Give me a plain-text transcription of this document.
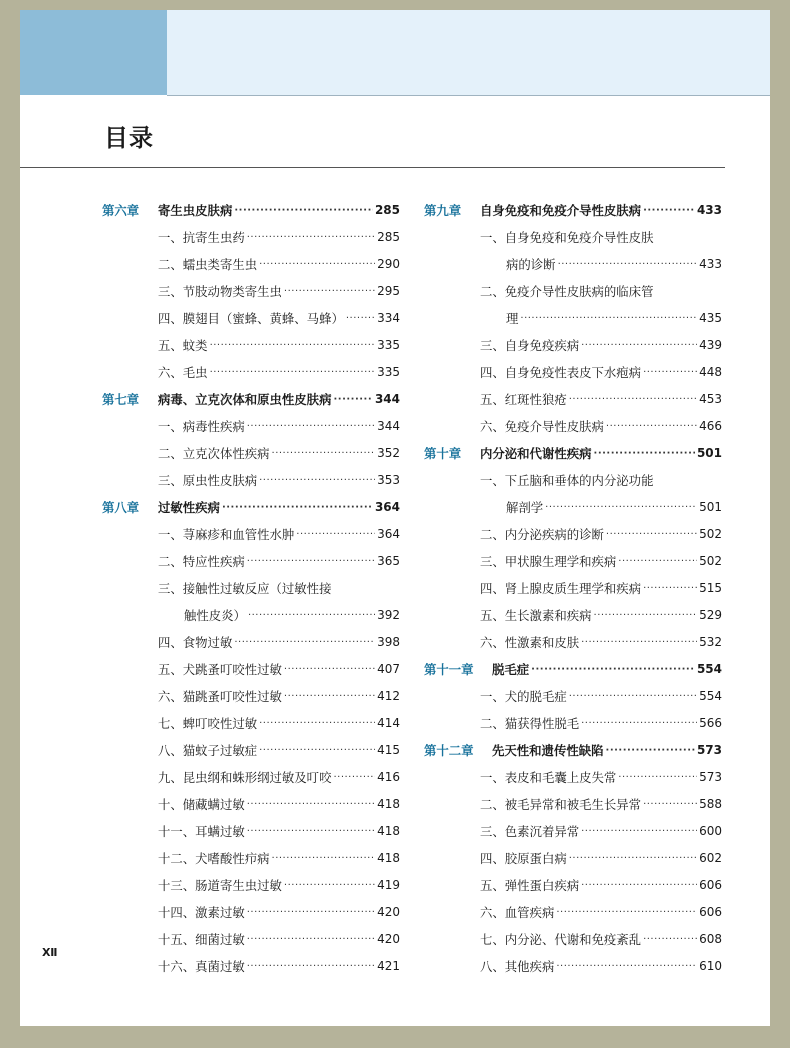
目录
第六章 寄生虫皮肤病 ·····	285
一、抗寄生虫药 ·····	285
二、蠕虫类寄生虫 ·····	290
三、节肢动物类寄生虫 ·····	295
四、膜翅目（蜜蜂、黄蜂、马蜂） ·····	334
五、蚊类 ·····	335
六、毛虫 ·····	335
第七章 病毒、立克次体和原虫性皮肤病 ·····	344
一、病毒性疾病 ·····	344
二、立克次体性疾病 ·····	352
三、原虫性皮肤病 ·····	353
第八章 过敏性疾病 ·····	364
一、荨麻疹和血管性水肿 ·····	364
二、特应性疾病 ·····	365
三、接触性过敏反应（过敏性接
触性皮炎） ·····	392
四、食物过敏 ·····	398
五、犬跳蚤叮咬性过敏 ·····	407
六、猫跳蚤叮咬性过敏 ·····	412
七、蜱叮咬性过敏 ·····	414
八、猫蚊子过敏症 ·····	415
九、昆虫纲和蛛形纲过敏及叮咬 ·····	416
十、储藏螨过敏 ·····	418
十一、耳螨过敏 ·····	418
十二、犬嗜酸性疖病 ·····	418
十三、肠道寄生虫过敏 ·····	419
十四、激素过敏 ·····	420
十五、细菌过敏 ·····	420
十六、真菌过敏 ·····	421
第九章 自身免疫和免疫介导性皮肤病 ·····	433
一、自身免疫和免疫介导性皮肤
病的诊断 ·····	433
二、免疫介导性皮肤病的临床管
理 ·····	435
三、自身免疫疾病 ·····	439
四、自身免疫性表皮下水疱病 ·····	448
五、红斑性狼疮 ·····	453
六、免疫介导性皮肤病 ·····	466
第十章 内分泌和代谢性疾病 ·····	501
一、下丘脑和垂体的内分泌功能
解剖学 ·····	501
二、内分泌疾病的诊断 ·····	502
三、甲状腺生理学和疾病 ·····	502
四、肾上腺皮质生理学和疾病 ·····	515
五、生长激素和疾病 ·····	529
六、性激素和皮肤 ·····	532
第十一章 脱毛症 ·····	554
一、犬的脱毛症 ·····	554
二、猫获得性脱毛 ·····	566
第十二章 先天性和遗传性缺陷 ·····	573
一、表皮和毛囊上皮失常 ·····	573
二、被毛异常和被毛生长异常 ·····	588
三、色素沉着异常 ·····	600
四、胶原蛋白病 ·····	602
五、弹性蛋白疾病 ·····	606
六、血管疾病 ·····	606
七、内分泌、代谢和免疫紊乱 ·····	608
八、其他疾病 ·····	610
Ⅻ
